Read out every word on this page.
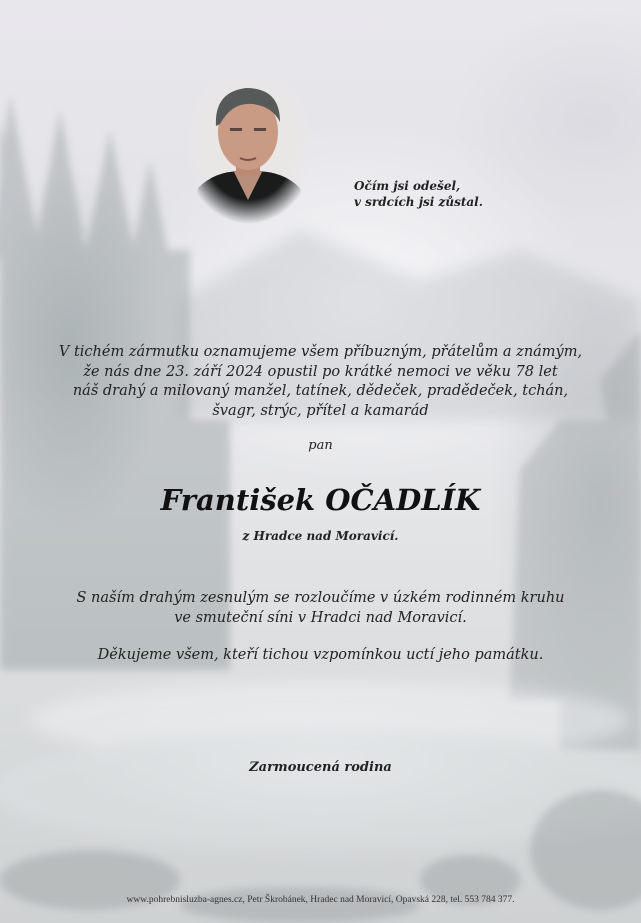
Očím jsi odešel,
v srdcích jsi zůstal.
V tichém zármutku oznamujeme všem příbuzným, přátelům a známým,
že nás dne 23. září 2024 opustil po krátké nemoci ve věku 78 let
náš drahý a milovaný manžel, tatínek, dědeček, pradědeček, tchán,
švagr, strýc, přítel a kamarád
pan
František OČADLÍK
z Hradce nad Moravicí.
S naším drahým zesnulým se rozloučíme v úzkém rodinném kruhu
ve smuteční síni v Hradci nad Moravicí.
Děkujeme všem, kteří tichou vzpomínkou uctí jeho památku.
Zarmoucená rodina
www.pohrebnisluzba-agnes.cz, Petr Škrobánek, Hradec nad Moravicí, Opavská 228, tel. 553 784 377.
© MCBT
